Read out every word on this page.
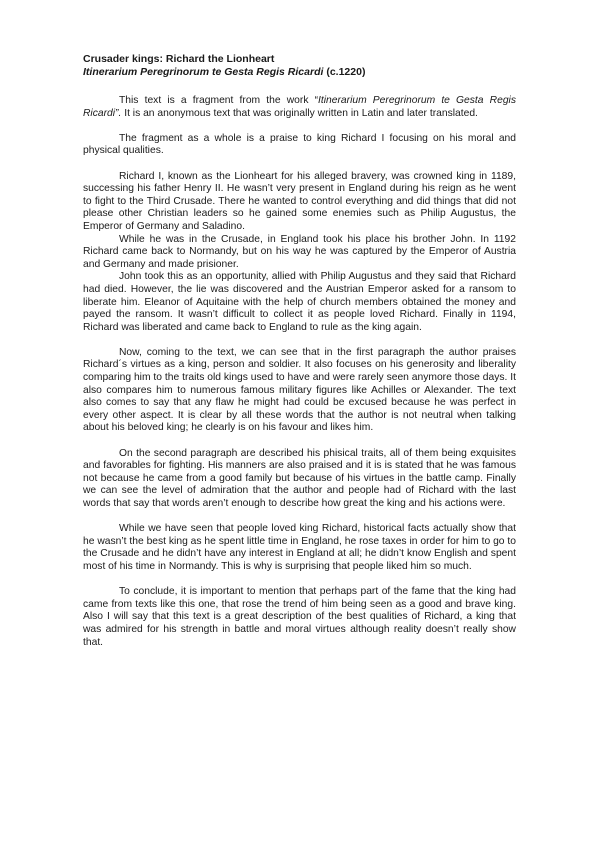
Crusader kings: Richard the Lionheart
Itinerarium Peregrinorum te Gesta Regis Ricardi (c.1220)

This text is a fragment from the work “Itinerarium Peregrinorum te Gesta Regis Ricardi”. It is an anonymous text that was originally written in Latin and later translated.

The fragment as a whole is a praise to king Richard I focusing on his moral and physical qualities.

Richard I, known as the Lionheart for his alleged bravery, was crowned king in 1189, successing his father Henry II. He wasn’t very present in England during his reign as he went to fight to the Third Crusade. There he wanted to control everything and did things that did not please other Christian leaders so he gained some enemies such as Philip Augustus, the Emperor of Germany and Saladino.

While he was in the Crusade, in England took his place his brother John. In 1192 Richard came back to Normandy, but on his way he was captured by the Emperor of Austria and Germany and made prisioner.

John took this as an opportunity, allied with Philip Augustus and they said that Richard had died. However, the lie was discovered and the Austrian Emperor asked for a ransom to liberate him. Eleanor of Aquitaine with the help of church members obtained the money and payed the ransom. It wasn’t difficult to collect it as people loved Richard. Finally in 1194, Richard was liberated and came back to England to rule as the king again.

Now, coming to the text, we can see that in the first paragraph the author praises Richard´s virtues as a king, person and soldier. It also focuses on his generosity and liberality comparing him to the traits old kings used to have and were rarely seen anymore those days. It also compares him to numerous famous military figures like Achilles or Alexander. The text also comes to say that any flaw he might had could be excused because he was perfect in every other aspect. It is clear by all these words that the author is not neutral when talking about his beloved king; he clearly is on his favour and likes him.

On the second paragraph are described his phisical traits, all of them being exquisites and favorables for fighting. His manners are also praised and it is is stated that he was famous not because he came from a good family but because of his virtues in the battle camp. Finally we can see the level of admiration that the author and people had of Richard with the last words that say that words aren’t enough to describe how great the king and his actions were.

While we have seen that people loved king Richard, historical facts actually show that he wasn’t the best king as he spent little time in England, he rose taxes in order for him to go to the Crusade and he didn’t have any interest in England at all; he didn’t know English and spent most of his time in Normandy. This is why is surprising that people liked him so much.

To conclude, it is important to mention that perhaps part of the fame that the king had came from texts like this one, that rose the trend of him being seen as a good and brave king. Also I will say that this text is a great description of the best qualities of Richard, a king that was admired for his strength in battle and moral virtues although reality doesn’t really show that.
